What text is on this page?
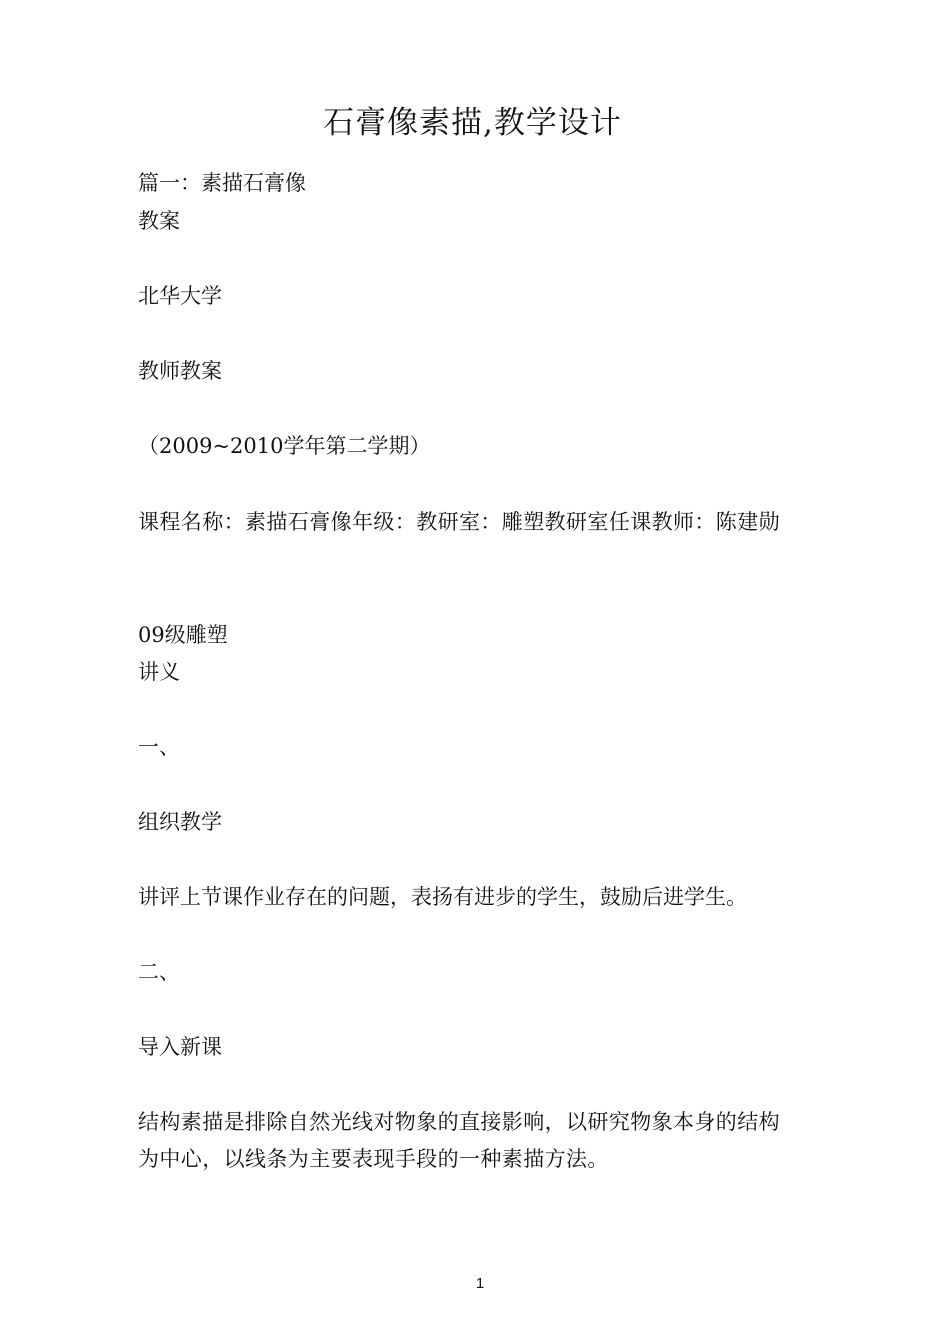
石膏像素描,教学设计
篇一：素描石膏像
教案
北华大学
教师教案
（2009~2010学年第二学期）
课程名称：素描石膏像年级：教研室：雕塑教研室任课教师：陈建勋
09级雕塑
讲义
一、
组织教学
讲评上节课作业存在的问题，表扬有进步的学生，鼓励后进学生。
二、
导入新课
结构素描是排除自然光线对物象的直接影响，以研究物象本身的结构为中心，以线条为主要表现手段的一种素描方法。
1
